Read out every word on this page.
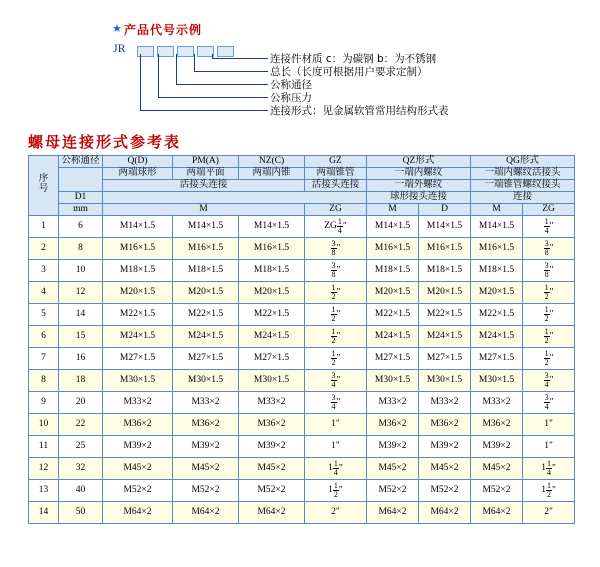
★ 产品代号示例
JR
连接件材质 c：为碳钢 b：为不锈钢
总长（长度可根据用户要求定制）
公称通径
公称压力
连接形式：见金属软管常用结构形式表
螺母连接形式参考表
序
号	公称通径	Q(D)	PM(A)	NZ(C)	GZ	QZ形式		QG形式	
		两端球形	两端平面	两端内锥	两端锥管	一端内螺纹		一端内螺纹活接头	
		活接头连接			活接头连接	一端外螺纹		一端锥管螺纹接头	
	D1					球形接头连接		连接	
	mm	M			ZG	M	D	M	ZG
1	6	M14×1.5	M14×1.5	M14×1.5	ZG $\frac{1}{4}$ "	M14×1.5	M14×1.5	M14×1.5	$\frac{1}{4}$ "
2	8	M16×1.5	M16×1.5	M16×1.5	$\frac{3}{8}$ "	M16×1.5	M16×1.5	M16×1.5	$\frac{3}{8}$ "
3	10	M18×1.5	M18×1.5	M18×1.5	$\frac{3}{8}$ "	M18×1.5	M18×1.5	M18×1.5	$\frac{3}{8}$ "
4	12	M20×1.5	M20×1.5	M20×1.5	$\frac{1}{2}$ "	M20×1.5	M20×1.5	M20×1.5	$\frac{1}{2}$ "
5	14	M22×1.5	M22×1.5	M22×1.5	$\frac{1}{2}$ "	M22×1.5	M22×1.5	M22×1.5	$\frac{1}{2}$ "
6	15	M24×1.5	M24×1.5	M24×1.5	$\frac{1}{2}$ "	M24×1.5	M24×1.5	M24×1.5	$\frac{1}{2}$ "
7	16	M27×1.5	M27×1.5	M27×1.5	$\frac{1}{2}$ "	M27×1.5	M27×1.5	M27×1.5	$\frac{1}{2}$ "
8	18	M30×1.5	M30×1.5	M30×1.5	$\frac{3}{4}$ "	M30×1.5	M30×1.5	M30×1.5	$\frac{3}{4}$ "
9	20	M33×2	M33×2	M33×2	$\frac{3}{4}$ "	M33×2	M33×2	M33×2	$\frac{3}{4}$ "
10	22	M36×2	M36×2	M36×2	1"	M36×2	M36×2	M36×2	1"
11	25	M39×2	M39×2	M39×2	1"	M39×2	M39×2	M39×2	1"
12	32	M45×2	M45×2	M45×2	$1 \frac{1}{4}$ "	M45×2	M45×2	M45×2	$1 \frac{1}{4}$ "
13	40	M52×2	M52×2	M52×2	$1 \frac{1}{2}$ "	M52×2	M52×2	M52×2	$1 \frac{1}{2}$ "
14	50	M64×2	M64×2	M64×2	2"	M64×2	M64×2	M64×2	2"
